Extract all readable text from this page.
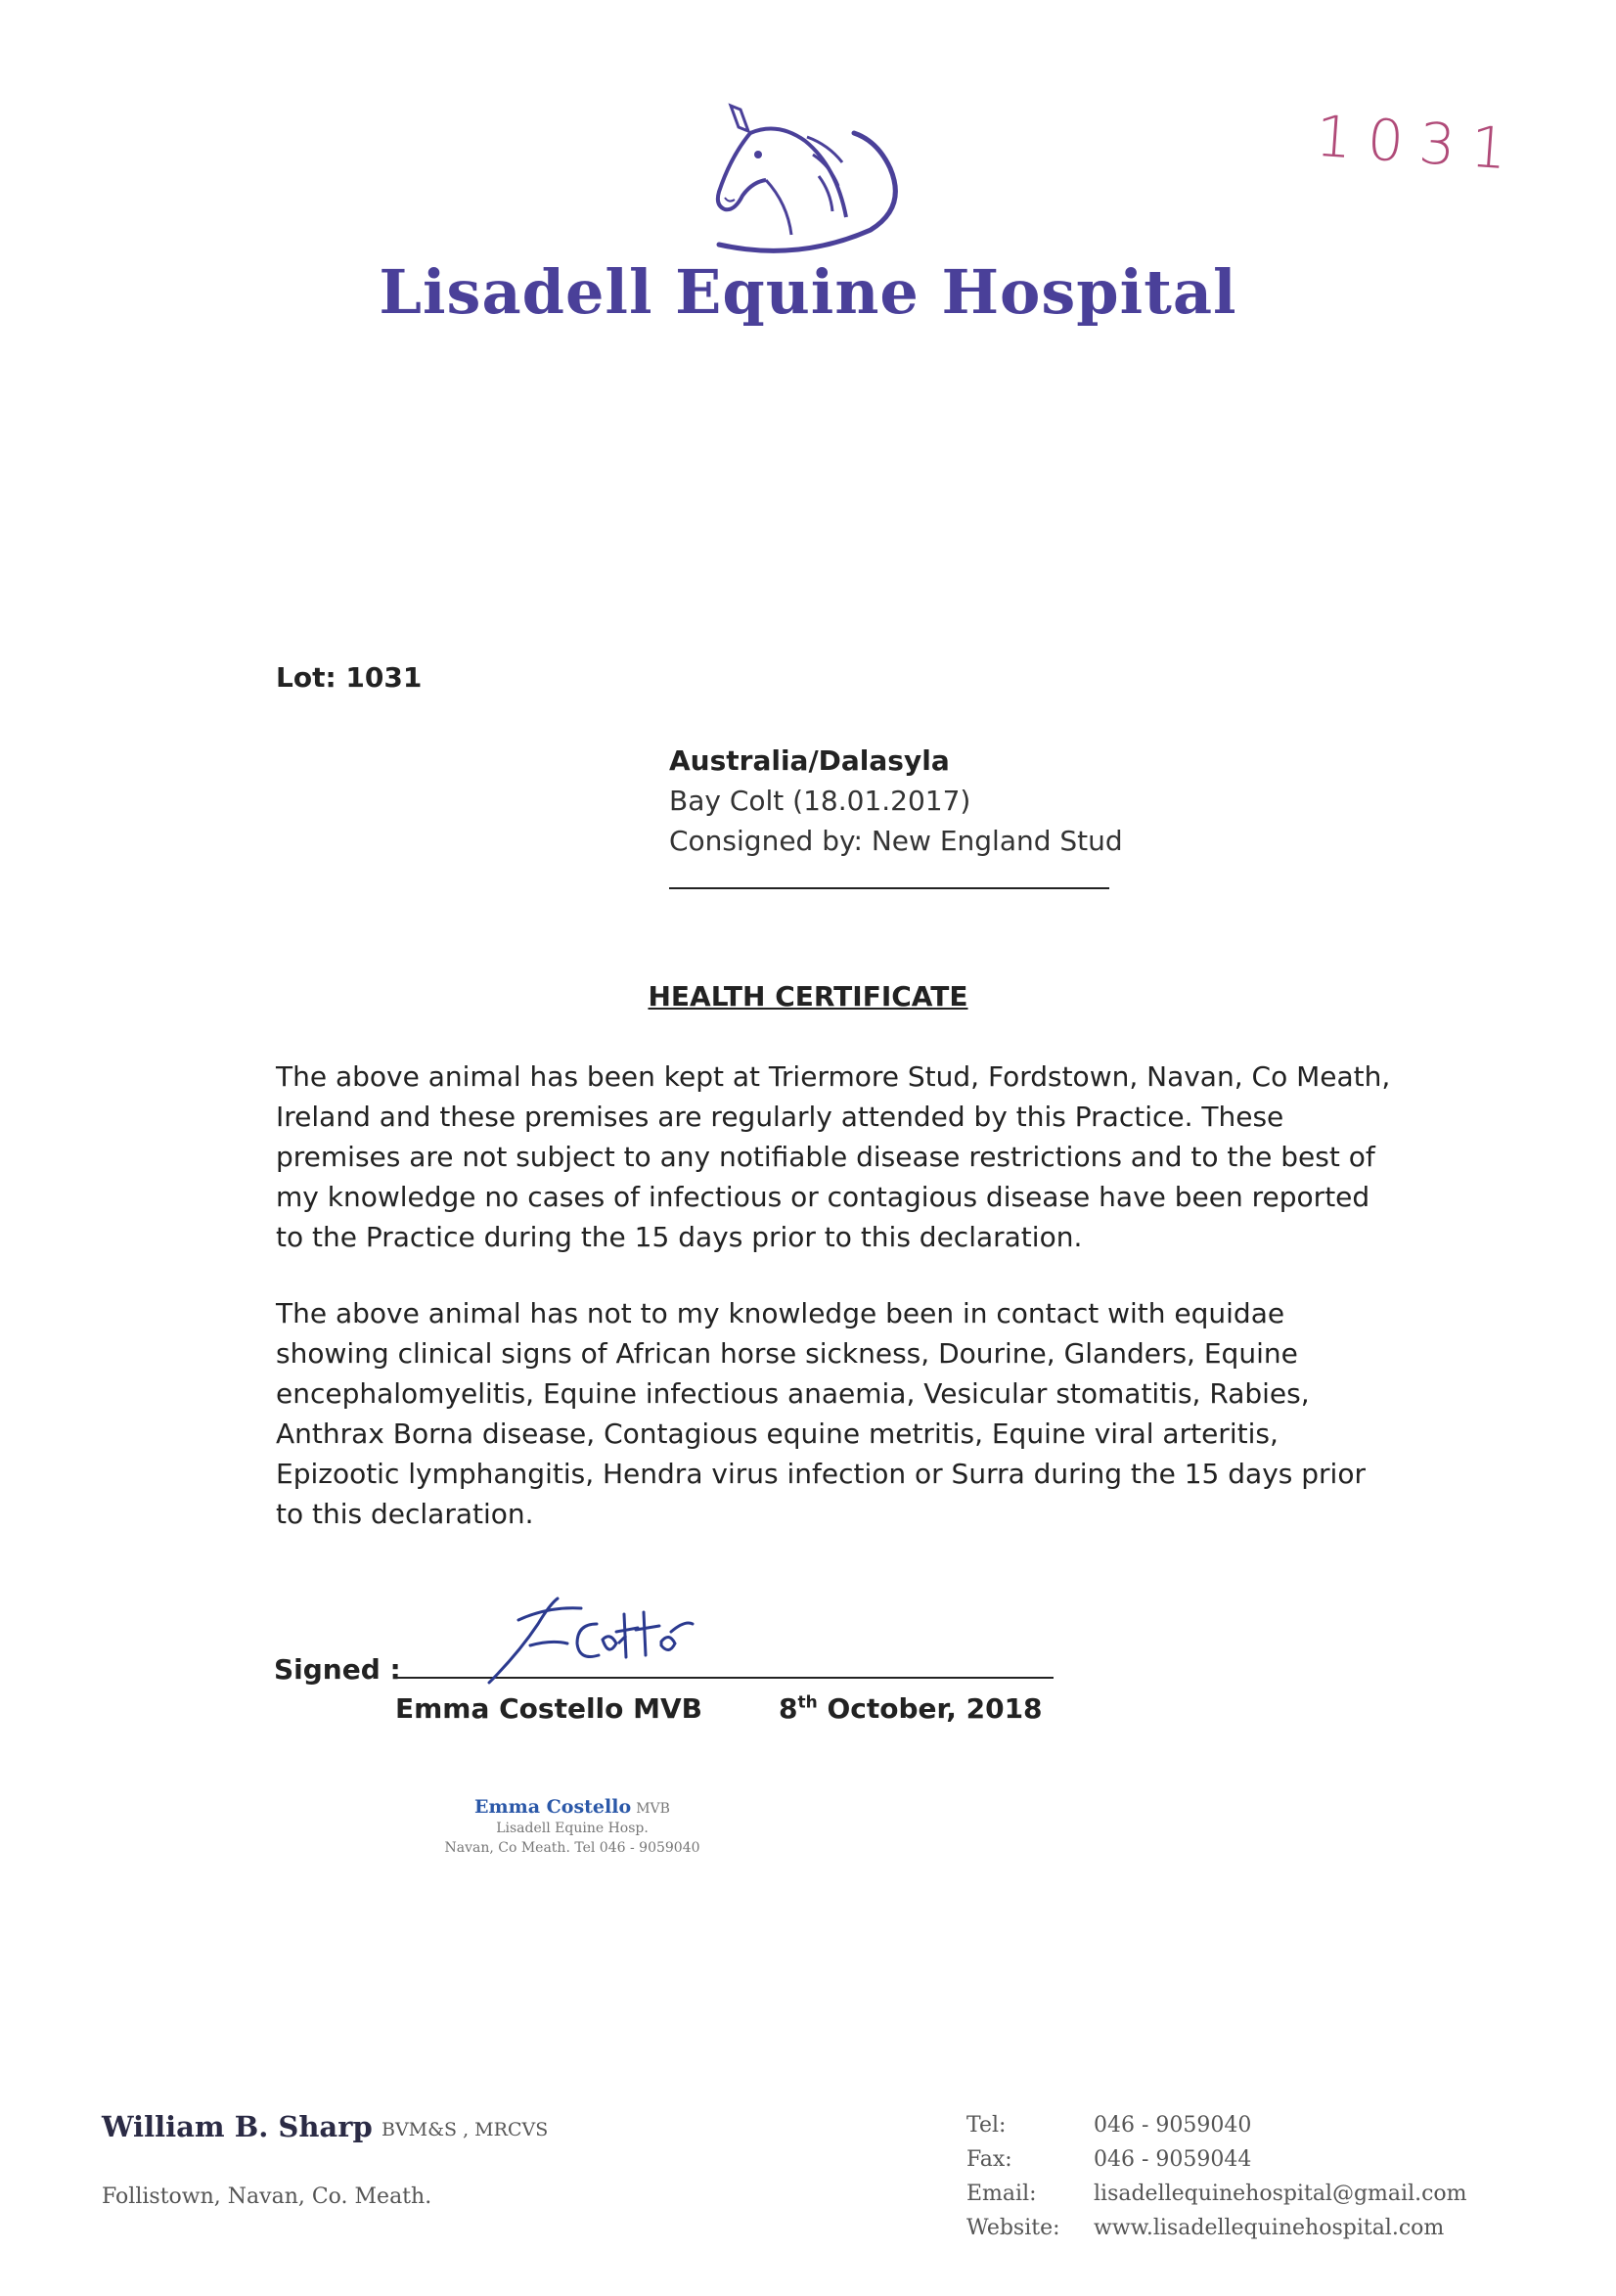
1031
Lisadell Equine Hospital
Lot: 1031
Australia/Dalasyla
Bay Colt (18.01.2017)
Consigned by: New England Stud
HEALTH CERTIFICATE
The above animal has been kept at Triermore Stud, Fordstown, Navan, Co Meath, Ireland and these premises are regularly attended by this Practice. These premises are not subject to any notifiable disease restrictions and to the best of my knowledge no cases of infectious or contagious disease have been reported to the Practice during the 15 days prior to this declaration.
The above animal has not to my knowledge been in contact with equidae showing clinical signs of African horse sickness, Dourine, Glanders, Equine encephalomyelitis, Equine infectious anaemia, Vesicular stomatitis, Rabies, Anthrax Borna disease, Contagious equine metritis, Equine viral arteritis, Epizootic lymphangitis, Hendra virus infection or Surra during the 15 days prior to this declaration.
Signed :
Emma Costello MVB	8th October, 2018
Emma Costello MVB
Lisadell Equine Hosp.
Navan, Co Meath. Tel 046 - 9059040
William B. Sharp BVM&S , MRCVS
Follistown, Navan, Co. Meath.
Tel:	046 - 9059040
Fax:	046 - 9059044
Email:	lisadellequinehospital@gmail.com
Website:	www.lisadellequinehospital.com
